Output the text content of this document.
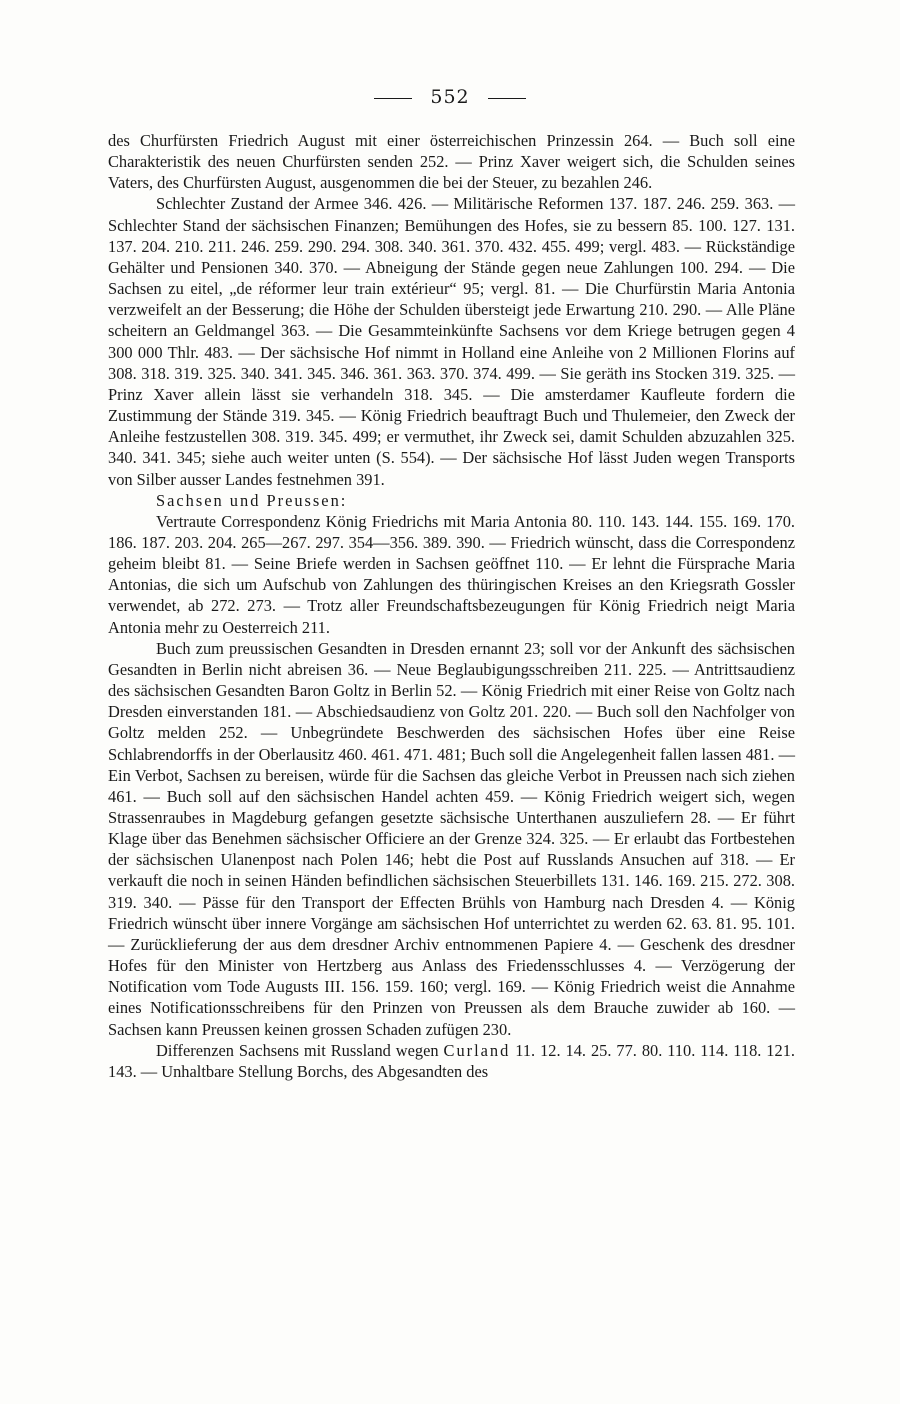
552

des Churfürsten Friedrich August mit einer österreichischen Prinzessin 264. — Buch soll eine Charakteristik des neuen Churfürsten senden 252. — Prinz Xaver weigert sich, die Schulden seines Vaters, des Churfürsten August, ausgenommen die bei der Steuer, zu bezahlen 246.

Schlechter Zustand der Armee 346. 426. — Militärische Reformen 137. 187. 246. 259. 363. — Schlechter Stand der sächsischen Finanzen; Bemühungen des Hofes, sie zu bessern 85. 100. 127. 131. 137. 204. 210. 211. 246. 259. 290. 294. 308. 340. 361. 370. 432. 455. 499; vergl. 483. — Rückständige Gehälter und Pensionen 340. 370. — Abneigung der Stände gegen neue Zahlungen 100. 294. — Die Sachsen zu eitel, „de réformer leur train extérieur“ 95; vergl. 81. — Die Churfürstin Maria Antonia verzweifelt an der Besserung; die Höhe der Schulden übersteigt jede Erwartung 210. 290. — Alle Pläne scheitern an Geldmangel 363. — Die Gesammteinkünfte Sachsens vor dem Kriege betrugen gegen 4 300 000 Thlr. 483. — Der sächsische Hof nimmt in Holland eine Anleihe von 2 Millionen Florins auf 308. 318. 319. 325. 340. 341. 345. 346. 361. 363. 370. 374. 499. — Sie geräth ins Stocken 319. 325. — Prinz Xaver allein lässt sie verhandeln 318. 345. — Die amsterdamer Kaufleute fordern die Zustimmung der Stände 319. 345. — König Friedrich beauftragt Buch und Thulemeier, den Zweck der Anleihe festzustellen 308. 319. 345. 499; er vermuthet, ihr Zweck sei, damit Schulden abzuzahlen 325. 340. 341. 345; siehe auch weiter unten (S. 554). — Der sächsische Hof lässt Juden wegen Transports von Silber ausser Landes festnehmen 391.

Sachsen und Preussen:

Vertraute Correspondenz König Friedrichs mit Maria Antonia 80. 110. 143. 144. 155. 169. 170. 186. 187. 203. 204. 265—267. 297. 354—356. 389. 390. — Friedrich wünscht, dass die Correspondenz geheim bleibt 81. — Seine Briefe werden in Sachsen geöffnet 110. — Er lehnt die Fürsprache Maria Antonias, die sich um Aufschub von Zahlungen des thüringischen Kreises an den Kriegsrath Gossler verwendet, ab 272. 273. — Trotz aller Freundschaftsbezeugungen für König Friedrich neigt Maria Antonia mehr zu Oesterreich 211.

Buch zum preussischen Gesandten in Dresden ernannt 23; soll vor der Ankunft des sächsischen Gesandten in Berlin nicht abreisen 36. — Neue Beglaubigungsschreiben 211. 225. — Antrittsaudienz des sächsischen Gesandten Baron Goltz in Berlin 52. — König Friedrich mit einer Reise von Goltz nach Dresden einverstanden 181. — Abschiedsaudienz von Goltz 201. 220. — Buch soll den Nachfolger von Goltz melden 252. — Unbegründete Beschwerden des sächsischen Hofes über eine Reise Schlabrendorffs in der Oberlausitz 460. 461. 471. 481; Buch soll die Angelegenheit fallen lassen 481. — Ein Verbot, Sachsen zu bereisen, würde für die Sachsen das gleiche Verbot in Preussen nach sich ziehen 461. — Buch soll auf den sächsischen Handel achten 459. — König Friedrich weigert sich, wegen Strassenraubes in Magdeburg gefangen gesetzte sächsische Unterthanen auszuliefern 28. — Er führt Klage über das Benehmen sächsischer Officiere an der Grenze 324. 325. — Er erlaubt das Fortbestehen der sächsischen Ulanenpost nach Polen 146; hebt die Post auf Russlands Ansuchen auf 318. — Er verkauft die noch in seinen Händen befindlichen sächsischen Steuerbillets 131. 146. 169. 215. 272. 308. 319. 340. — Pässe für den Transport der Effecten Brühls von Hamburg nach Dresden 4. — König Friedrich wünscht über innere Vorgänge am sächsischen Hof unterrichtet zu werden 62. 63. 81. 95. 101. — Zurücklieferung der aus dem dresdner Archiv entnommenen Papiere 4. — Geschenk des dresdner Hofes für den Minister von Hertzberg aus Anlass des Friedensschlusses 4. — Verzögerung der Notification vom Tode Augusts III. 156. 159. 160; vergl. 169. — König Friedrich weist die Annahme eines Notificationsschreibens für den Prinzen von Preussen als dem Brauche zuwider ab 160. — Sachsen kann Preussen keinen grossen Schaden zufügen 230.

Differenzen Sachsens mit Russland wegen Curland 11. 12. 14. 25. 77. 80. 110. 114. 118. 121. 143. — Unhaltbare Stellung Borchs, des Abgesandten des
